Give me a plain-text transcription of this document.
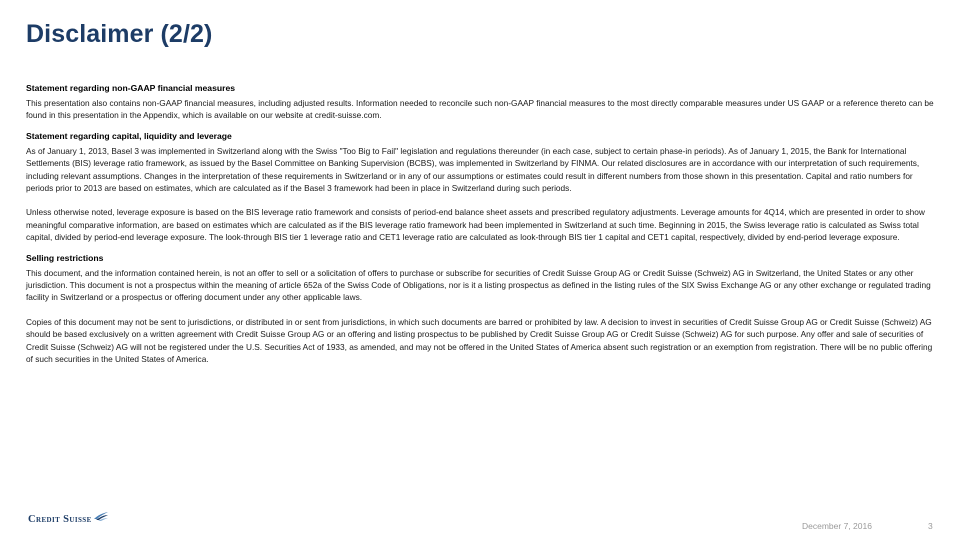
Disclaimer (2/2)
Statement regarding non-GAAP financial measures

This presentation also contains non-GAAP financial measures, including adjusted results. Information needed to reconcile such non-GAAP financial measures to the most directly comparable measures under US GAAP or a reference thereto can be found in this presentation in the Appendix, which is available on our website at credit-suisse.com.

Statement regarding capital, liquidity and leverage

As of January 1, 2013, Basel 3 was implemented in Switzerland along with the Swiss "Too Big to Fail" legislation and regulations thereunder (in each case, subject to certain phase-in periods). As of January 1, 2015, the Bank for International Settlements (BIS) leverage ratio framework, as issued by the Basel Committee on Banking Supervision (BCBS), was implemented in Switzerland by FINMA. Our related disclosures are in accordance with our interpretation of such requirements, including relevant assumptions. Changes in the interpretation of these requirements in Switzerland or in any of our assumptions or estimates could result in different numbers from those shown in this presentation. Capital and ratio numbers for periods prior to 2013 are based on estimates, which are calculated as if the Basel 3 framework had been in place in Switzerland during such periods.

Unless otherwise noted, leverage exposure is based on the BIS leverage ratio framework and consists of period-end balance sheet assets and prescribed regulatory adjustments. Leverage amounts for 4Q14, which are presented in order to show meaningful comparative information, are based on estimates which are calculated as if the BIS leverage ratio framework had been implemented in Switzerland at such time. Beginning in 2015, the Swiss leverage ratio is calculated as Swiss total capital, divided by period-end leverage exposure. The look-through BIS tier 1 leverage ratio and CET1 leverage ratio are calculated as look-through BIS tier 1 capital and CET1 capital, respectively, divided by end-period leverage exposure.

Selling restrictions

This document, and the information contained herein, is not an offer to sell or a solicitation of offers to purchase or subscribe for securities of Credit Suisse Group AG or Credit Suisse (Schweiz) AG in Switzerland, the United States or any other jurisdiction. This document is not a prospectus within the meaning of article 652a of the Swiss Code of Obligations, nor is it a listing prospectus as defined in the listing rules of the SIX Swiss Exchange AG or any other exchange or regulated trading facility in Switzerland or a prospectus or offering document under any other applicable laws.

Copies of this document may not be sent to jurisdictions, or distributed in or sent from jurisdictions, in which such documents are barred or prohibited by law. A decision to invest in securities of Credit Suisse Group AG or Credit Suisse (Schweiz) AG should be based exclusively on a written agreement with Credit Suisse Group AG or an offering and listing prospectus to be published by Credit Suisse Group AG or Credit Suisse (Schweiz) AG for such purpose. Any offer and sale of securities of Credit Suisse (Schweiz) AG will not be registered under the U.S. Securities Act of 1933, as amended, and may not be offered in the United States of America absent such registration or an exemption from registration. There will be no public offering of such securities in the United States of America.

Credit Suisse
December 7, 2016	3
